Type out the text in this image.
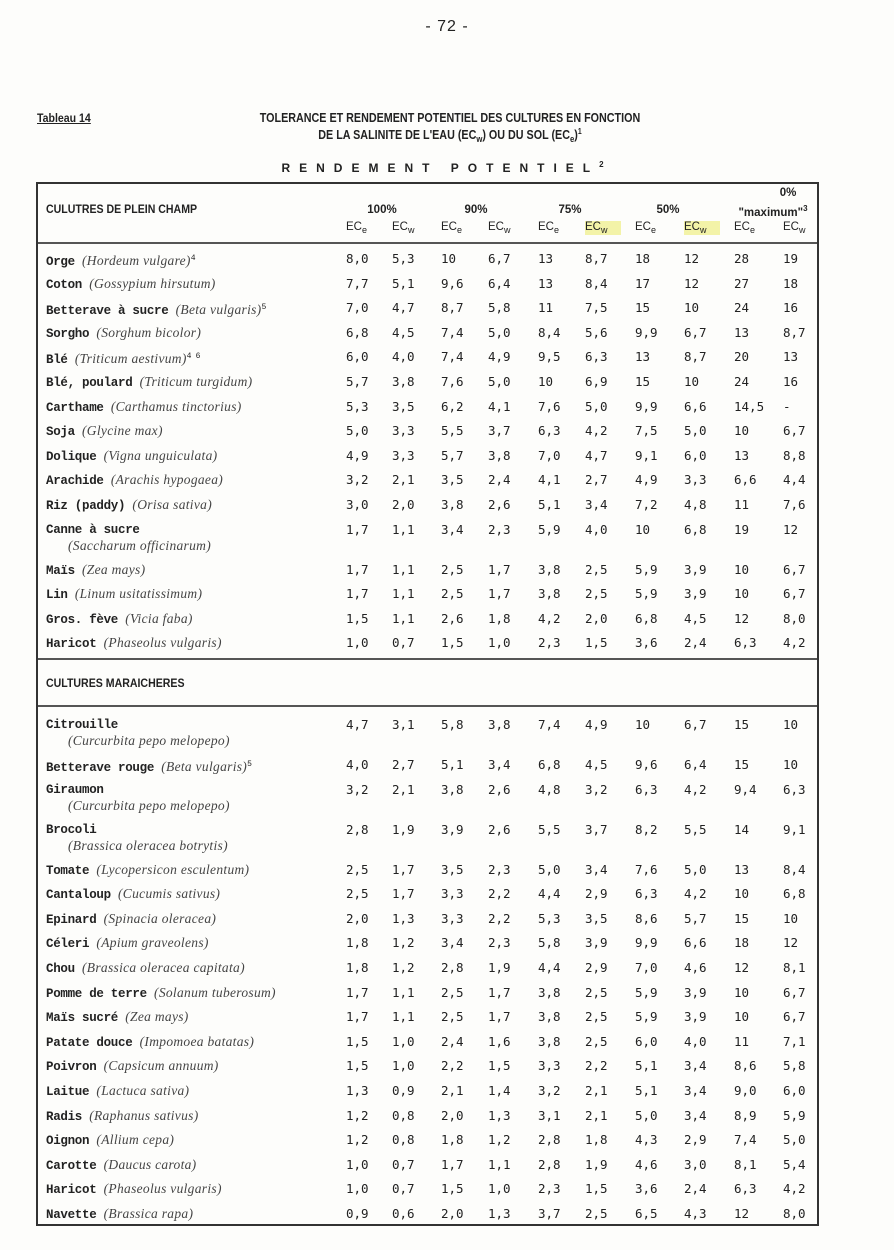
- 72 -
Tableau 14	TOLERANCE ET RENDEMENT POTENTIEL DES CULTURES EN FONCTION
DE LA SALINITE DE L'EAU $(EC_w)$ OU DU SOL $(EC_e)^1$
RENDEMENT POTENTIEL$^2$
CULUTRES DE PLEIN CHAMP	100%	90%	75%	50%
0%
"maximum"$^3$
$EC_e$	$EC_w$	$EC_e$	$EC_w$	$EC_e$	$EC_w$	$EC_e$	$EC_w$	$EC_e$	$EC_w$
Orge (Hordeum vulgare)$^4$	8,0 5,3 10	6,7 13	8,7 18	12	28	19
Coton (Gossypium hirsutum)	7,7 5,1 9,6 6,4 13	8,4 17	12	27	18
Betterave à sucre (Beta vulgaris)$^5$	7,0 4,7 8,7 5,8 11	7,5 15	10	24	16
Sorgho (Sorghum bicolor)	6,8 4,5 7,4 5,0 8,4 5,6 9,9 6,7 13	8,7
Blé (Triticum aestivum)$^{4 6}$	6,0 4,0 7,4 4,9 9,5 6,3 13	8,7 20	13
Blé, poulard (Triticum turgidum)	5,7 3,8 7,6 5,0 10	6,9 15	10	24	16
Carthame (Carthamus tinctorius)	5,3 3,5 6,2 4,1 7,6 5,0 9,9 6,6 14,5 -
Soja (Glycine max)	5,0 3,3 5,5 3,7 6,3 4,2 7,5 5,0 10	6,7
Dolique (Vigna unguiculata)	4,9 3,3 5,7 3,8 7,0 4,7 9,1 6,0 13	8,8
Arachide (Arachis hypogaea)	3,2 2,1 3,5 2,4 4,1 2,7 4,9 3,3 6,6 4,4
Riz (paddy) (Orisa sativa)	3,0 2,0 3,8 2,6 5,1 3,4 7,2 4,8 11	7,6
Canne à sucre
(Saccharum officinarum)
1,7 1,1 3,4 2,3 5,9 4,0 10	6,8 19	12
Maïs (Zea mays)	1,7 1,1 2,5 1,7 3,8 2,5 5,9 3,9 10	6,7
Lin (Linum usitatissimum)	1,7 1,1 2,5 1,7 3,8 2,5 5,9 3,9 10	6,7
Gros. fève (Vicia faba)	1,5 1,1 2,6 1,8 4,2 2,0 6,8 4,5 12	8,0
Haricot (Phaseolus vulgaris)	1,0 0,7 1,5 1,0 2,3 1,5 3,6 2,4 6,3 4,2
CULTURES MARAICHERES
Citrouille
(Curcurbita pepo melopepo)
4,7 3,1 5,8 3,8 7,4 4,9 10	6,7 15	10
Betterave rouge (Beta vulgaris)$^5$	4,0 2,7 5,1 3,4 6,8 4,5 9,6 6,4 15	10
Giraumon
(Curcurbita pepo melopepo)
3,2 2,1 3,8 2,6 4,8 3,2 6,3 4,2 9,4 6,3
Brocoli
(Brassica oleracea botrytis)
2,8 1,9 3,9 2,6 5,5 3,7 8,2 5,5 14	9,1
Tomate (Lycopersicon esculentum)	2,5 1,7 3,5 2,3 5,0 3,4 7,6 5,0 13	8,4
Cantaloup (Cucumis sativus)	2,5 1,7 3,3 2,2 4,4 2,9 6,3 4,2 10	6,8
Epinard (Spinacia oleracea)	2,0 1,3 3,3 2,2 5,3 3,5 8,6 5,7 15	10
Céleri (Apium graveolens)	1,8 1,2 3,4 2,3 5,8 3,9 9,9 6,6 18	12
Chou (Brassica oleracea capitata)	1,8 1,2 2,8 1,9 4,4 2,9 7,0 4,6 12	8,1
Pomme de terre (Solanum tuberosum)	1,7 1,1 2,5 1,7 3,8 2,5 5,9 3,9 10	6,7
Maïs sucré (Zea mays)	1,7 1,1 2,5 1,7 3,8 2,5 5,9 3,9 10	6,7
Patate douce (Impomoea batatas)	1,5 1,0 2,4 1,6 3,8 2,5 6,0 4,0 11	7,1
Poivron (Capsicum annuum)	1,5 1,0 2,2 1,5 3,3 2,2 5,1 3,4 8,6 5,8
Laitue (Lactuca sativa)	1,3 0,9 2,1 1,4 3,2 2,1 5,1 3,4 9,0 6,0
Radis (Raphanus sativus)	1,2 0,8 2,0 1,3 3,1 2,1 5,0 3,4 8,9 5,9
Oignon (Allium cepa)	1,2 0,8 1,8 1,2 2,8 1,8 4,3 2,9 7,4 5,0
Carotte (Daucus carota)	1,0 0,7 1,7 1,1 2,8 1,9 4,6 3,0 8,1 5,4
Haricot (Phaseolus vulgaris)	1,0 0,7 1,5 1,0 2,3 1,5 3,6 2,4 6,3 4,2
Navette (Brassica rapa)	0,9 0,6 2,0 1,3 3,7 2,5 6,5 4,3 12	8,0
